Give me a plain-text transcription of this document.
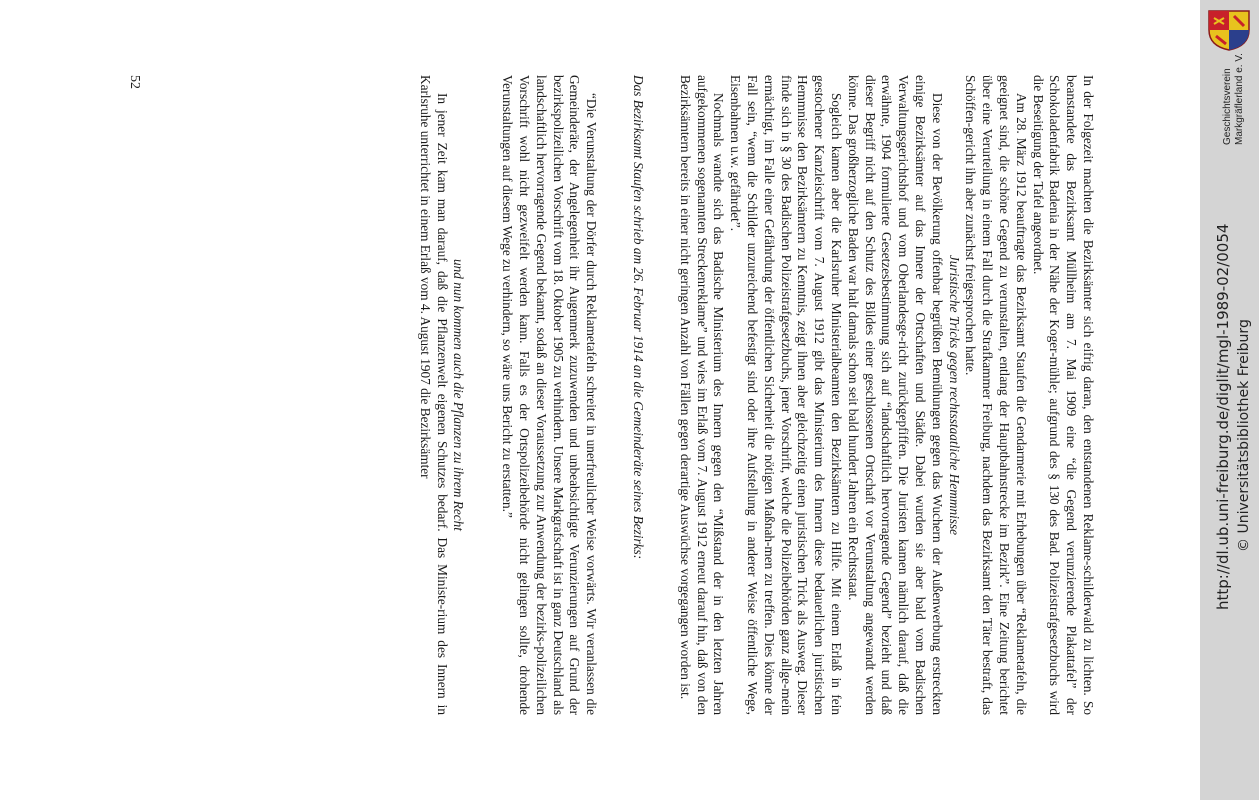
In der Folgezeit machten die Bezirksämter sich eifrig daran, den entstandenen Reklame-schilderwald zu lichten. So beanstandete das Bezirksamt Müllheim am 7. Mai 1909 eine “die Gegend verunzierende Plakattafel” der Schokoladenfabrik Badenia in der Nähe der Koger-mühle; aufgrund des § 130 des Bad. Polizeistrafgesetzbuchs wird die Beseitigung der Tafel angeordnet.

Am 28. März 1912 beauftragte das Bezirksamt Staufen die Gendarmerie mit Erhebungen über “Reklametafeln, die geeignet sind, die schöne Gegend zu verunstalten, entlang der Hauptbahnstrecke im Bezirk”. Eine Zeitung berichtet über eine Verurteilung in einem Fall durch die Strafkammer Freiburg, nachdem das Bezirksamt den Täter bestraft, das Schöffen-gericht ihn aber zunächst freigesprochen hatte.

Juristische Tricks gegen rechtsstaatliche Hemmnisse

Diese von der Bevölkerung offenbar begrüßten Bemühungen gegen das Wuchern der Außenwerbung erstreckten einige Bezirksämter auf das Innere der Ortschaften und Städte. Dabei wurden sie aber bald vom Badischen Verwaltungsgerichtshof und vom Oberlandesge-richt zurückgepfiffen. Die Juristen kamen nämlich darauf, daß die erwähnte, 1904 formulierte Gesetzesbestimmung sich auf “landschaftlich hervorragende Gegend” bezieht und daß dieser Begriff nicht auf den Schutz des Bildes einer geschlossenen Ortschaft vor Verunstaltung angewandt werden könne. Das großherzogliche Baden war halt damals schon seit bald hundert Jahren ein Rechtsstaat.

Sogleich kamen aber die Karlsruher Ministerialbeamten den Bezirksämtern zu Hilfe. Mit einem Erlaß in fein gestochener Kanzleischrift vom 7. August 1912 gibt das Ministerium des Innern diese bedauerlichen juristischen Hemmnisse den Bezirksämtern zu Kenntnis, zeigt ihnen aber gleichzeitig einen juristischen Trick als Ausweg. Dieser finde sich in § 30 des Badischen Polizeistrafgesetzbuchs, jener Vorschrift, welche die Polizeibehörden ganz allge-mein ermächtigt, im Falle einer Gefährdung der öffentlichen Sicherheit die nötigen Maßnah-men zu treffen. Dies könne der Fall sein, “wenn die Schilder unzureichend befestigt sind oder ihre Aufstellung in anderer Weise öffentliche Wege, Eisenbahnen u.w. gefährdet”.

Nochmals wandte sich das Badische Ministerium des Innern gegen den “Mißstand der in den letzten Jahren aufgekommenen sogenannten Streckenreklame” und wies im Erlaß vom 7. August 1912 erneut darauf hin, daß von den Bezirksämtern bereits in einer nicht geringen Anzahl von Fällen gegen derartige Auswüchse vorgegangen worden ist.

Das Bezirksamt Staufen schrieb am 26. Februar 1914 an die Gemeinderäte seines Bezirks:

“Die Verunstaltung der Dörfer durch Reklametafeln schreitet in unerfreulicher Weise vorwärts. Wir veranlassen die Gemeinderäte, der Angelegenheit ihr Augenmerk zuzuwenden und unbeabsichtigte Verunzierungen auf Grund der bezirkspolizeilichen Vorschrift vom 18. Oktober 1905 zu verhindern. Unsere Markgrafschaft ist in ganz Deutschland als landschaftlich hervorragende Gegend bekannt, sodaß an dieser Voraussetzung zur Anwendung der bezirks-polizeilichen Vorschrift wohl nicht gezweifelt werden kann. Falls es der Ortspolizeibehörde nicht gelingen sollte, drohende Verunstaltungen auf diesem Wege zu verhindern, so wäre uns Bericht zu erstatten.”

und nun kommen auch die Pflanzen zu ihrem Recht

In jener Zeit kam man darauf, daß die Pflanzenwelt eigenen Schutzes bedarf. Das Ministe-rium des Innern in Karlsruhe unterrichtet in einem Erlaß vom 4. August 1907 die Bezirksämter

52
http://dl.ub.uni-freiburg.de/diglit/mgl-1989-02/0054 © Universitätsbibliothek Freiburg
Geschichtsverein Markgräflerland e. V.
